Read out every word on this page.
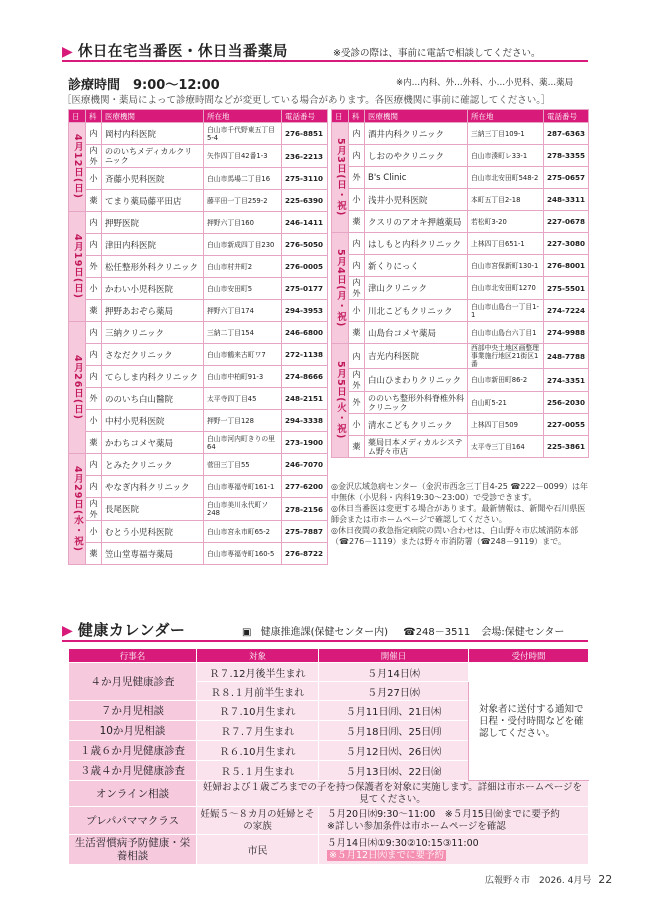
▶ 休日在宅当番医・休日当番薬局	※受診の際は、事前に電話で相談してください。
診療時間　9:00～12:00	※内…内科、外…外科、小…小児科、薬…薬局
［医療機関・薬局によって診療時間などが変更している場合があります。各医療機関に事前に確認してください。］
日	科	医療機関	所在地	電話番号
4月12日(日)	内	岡村内科医院	白山市千代野東五丁目5-4	276-8851
	内外	ののいちメディカルクリニック	矢作四丁目42番1-3	236-2213
	小	斉藤小児科医院	白山市馬場二丁目16	275-3110
	薬	てまり薬局藤平田店	藤平田一丁目259-2	225-6390
4月19日(日)	内	押野医院	押野六丁目160	246-1411
	内	津田内科医院	白山市新成四丁目230	276-5050
	外	松任整形外科クリニック	白山市村井町2	276-0005
	小	かわい小児科医院	白山市安田町5	275-0177
	薬	押野あおぞら薬局	押野六丁目174	294-3953
4月26日(日)	内	三納クリニック	三納二丁目154	246-6800
	内	さなだクリニック	白山市鶴来古町ワ7	272-1138
	内	てらしま内科クリニック	白山市中柏町91-3	274-8666
	外	ののいち白山醫院	太平寺四丁目45	248-2151
	小	中村小児科医院	押野一丁目128	294-3338
	薬	かわちコメヤ薬局	白山市河内町きりの里64	273-1900
4月29日(水・祝)	内	とみたクリニック	菅田三丁目55	246-7070
	内	やなぎ内科クリニック	白山市専福寺町161-1	277-6200
	内外	長尾医院	白山市美川永代町ソ248	278-2156
	小	むとう小児科医院	白山市宮永市町65-2	275-7887
	薬	笠山堂専福寺薬局	白山市専福寺町160-5	276-8722
日	科	医療機関	所在地	電話番号
5月3日(日・祝)	内	酒井内科クリニック	三納三丁目109-1	287-6363
	内	しおのやクリニック	白山市湊町レ33-1	278-3355
	外	B's Clinic	白山市北安田町548-2	275-0657
	小	浅井小児科医院	本町五丁目2-18	248-3311
	薬	クスリのアオキ押越薬局	若松町3-20	227-0678
5月4日(月・祝)	内	はしもと内科クリニック	上林四丁目651-1	227-3080
	内	新くりにっく	白山市宮保新町130-1	276-8001
	内外	津山クリニック	白山市北安田町1270	275-5501
	小	川北こどもクリニック	白山市山島台一丁目1-1	274-7224
	薬	山島台コメヤ薬局	白山市山島台六丁目1	274-9988
5月5日(火・祝)	内	吉光内科医院	西部中央土地区画整理事業施行地区21街区1番	248-7788
	内外	白山ひまわりクリニック	白山市新田町86-2	274-3351
	外	ののいち整形外科脊椎外科クリニック	白山町5-21	256-2030
	小	清水こどもクリニック	上林四丁目509	227-0055
	薬	薬局日本メディカルシステム野々市店	太平寺三丁目164	225-3861
◎金沢広域急病センター（金沢市西念三丁目4-25 ☎222－0099）は年中無休（小児科・内科19:30～23:00）で受診できます。
◎休日当番医は変更する場合があります。最新情報は、新聞や石川県医師会または市ホームページで確認してください。
◎休日夜間の救急指定病院の問い合わせは、白山野々市広域消防本部（☎276－1119）または野々市消防署（☎248－9119）まで。
▶ 健康カレンダー	▣ 健康推進課(保健センター内) ☎248－3511 会場:保健センター
行事名	対象	開催日	受付時間
４か月児健康診査	Ｒ７.12月後半生まれ	５月14日㈭	対象者に送付する通知で日程・受付時間などを確認してください。
	Ｒ８.１月前半生まれ	５月27日㈬	
７か月児相談	Ｒ７.10月生まれ	５月11日㈪、21日㈭	
10か月児相談	Ｒ７.７月生まれ	５月18日㈪、25日㈪	
１歳６か月児健康診査	Ｒ６.10月生まれ	５月12日㈫、26日㈫	
３歳４か月児健康診査	Ｒ５.１月生まれ	５月13日㈬、22日㈮	
オンライン相談	妊婦および１歳ごろまでの子を持つ保護者を対象に実施します。詳細は市ホームページを見てください。		
プレパパママクラス	妊娠５～８カ月の妊婦とその家族	５月20日㈬9:30～11:00　※５月15日㈮までに要予約
※詳しい参加条件は市ホームページを確認	

生活習慣病予防健康・栄養相談	市民	５月14日㈭①9:30②10:15③11:00
※５月12日㈫までに要予約	
広報野々市　2026. 4月号 22
